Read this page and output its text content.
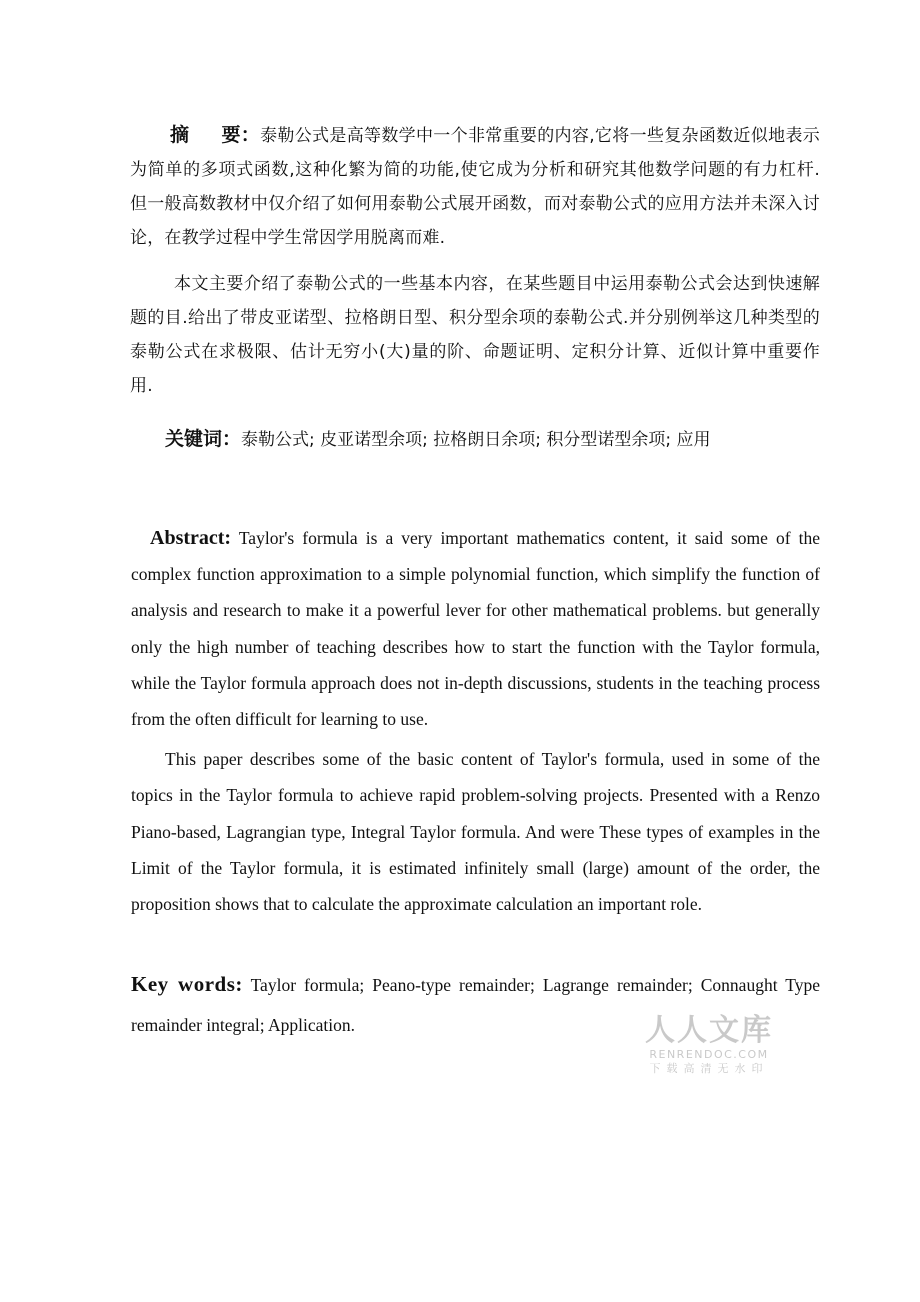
摘 要：泰勒公式是高等数学中一个非常重要的内容,它将一些复杂函数近似地表示为简单的多项式函数,这种化繁为简的功能,使它成为分析和研究其他数学问题的有力杠杆. 但一般高数教材中仅介绍了如何用泰勒公式展开函数，而对泰勒公式的应用方法并未深入讨论，在教学过程中学生常因学用脱离而难.

本文主要介绍了泰勒公式的一些基本内容，在某些题目中运用泰勒公式会达到快速解题的目.给出了带皮亚诺型、拉格朗日型、积分型余项的泰勒公式.并分别例举这几种类型的泰勒公式在求极限、估计无穷小(大)量的阶、命题证明、定积分计算、近似计算中重要作用.

关键词：泰勒公式; 皮亚诺型余项; 拉格朗日余项; 积分型诺型余项; 应用

Abstract: Taylor's formula is a very important mathematics content, it said some of the complex function approximation to a simple polynomial function, which simplify the function of analysis and research to make it a powerful lever for other mathematical problems. but generally only the high number of teaching describes how to start the function with the Taylor formula, while the Taylor formula approach does not in-depth discussions, students in the teaching process from the often difficult for learning to use.

This paper describes some of the basic content of Taylor's formula, used in some of the topics in the Taylor formula to achieve rapid problem-solving projects. Presented with a Renzo Piano-based, Lagrangian type, Integral Taylor formula. And were These types of examples in the Limit of the Taylor formula, it is estimated infinitely small (large) amount of the order, the proposition shows that to calculate the approximate calculation an important role.

Key words: Taylor formula; Peano-type remainder; Lagrange remainder; Connaught Type remainder integral; Application.	人人文库
RENRENDOC.COM
下载高清无水印
